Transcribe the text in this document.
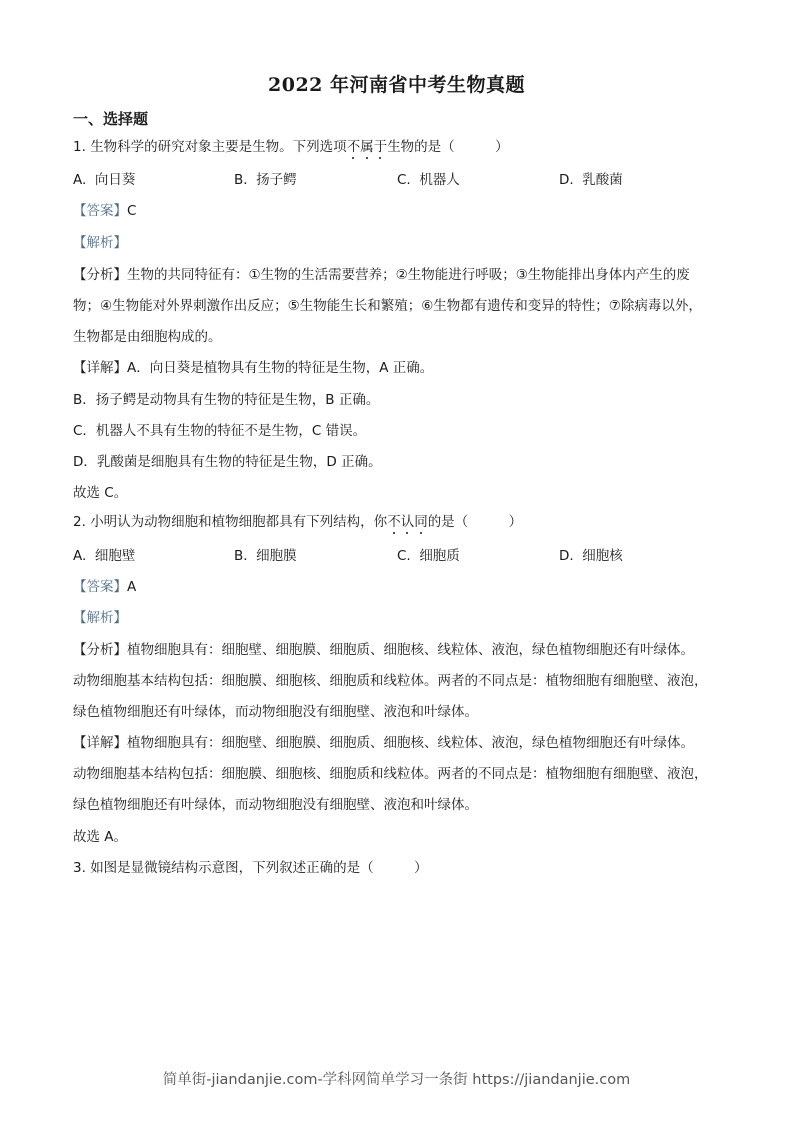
2022 年河南省中考生物真题
一、选择题
1. 生物科学的研究对象主要是生物。下列选项不属于生物的是（　　　）
A. 向日葵	B. 扬子鳄	C. 机器人	D. 乳酸菌
【答案】C
【解析】
【分析】生物的共同特征有：①生物的生活需要营养；②生物能进行呼吸；③生物能排出身体内产生的废
物；④生物能对外界刺激作出反应；⑤生物能生长和繁殖；⑥生物都有遗传和变异的特性；⑦除病毒以外，
生物都是由细胞构成的。
【详解】A．向日葵是植物具有生物的特征是生物，A 正确。
B．扬子鳄是动物具有生物的特征是生物，B 正确。
C．机器人不具有生物的特征不是生物，C 错误。
D．乳酸菌是细胞具有生物的特征是生物，D 正确。
故选 C。
2. 小明认为动物细胞和植物细胞都具有下列结构，你不认同的是（　　　）
A. 细胞壁	B. 细胞膜	C. 细胞质	D. 细胞核
【答案】A
【解析】
【分析】植物细胞具有：细胞壁、细胞膜、细胞质、细胞核、线粒体、液泡，绿色植物细胞还有叶绿体。
动物细胞基本结构包括：细胞膜、细胞核、细胞质和线粒体。两者的不同点是：植物细胞有细胞壁、液泡，
绿色植物细胞还有叶绿体，而动物细胞没有细胞壁、液泡和叶绿体。
【详解】植物细胞具有：细胞壁、细胞膜、细胞质、细胞核、线粒体、液泡，绿色植物细胞还有叶绿体。
动物细胞基本结构包括：细胞膜、细胞核、细胞质和线粒体。两者的不同点是：植物细胞有细胞壁、液泡，
绿色植物细胞还有叶绿体，而动物细胞没有细胞壁、液泡和叶绿体。
故选 A。
3. 如图是显微镜结构示意图，下列叙述正确的是（　　　）
简单街-jiandanjie.com-学科网简单学习一条街 https://jiandanjie.com
